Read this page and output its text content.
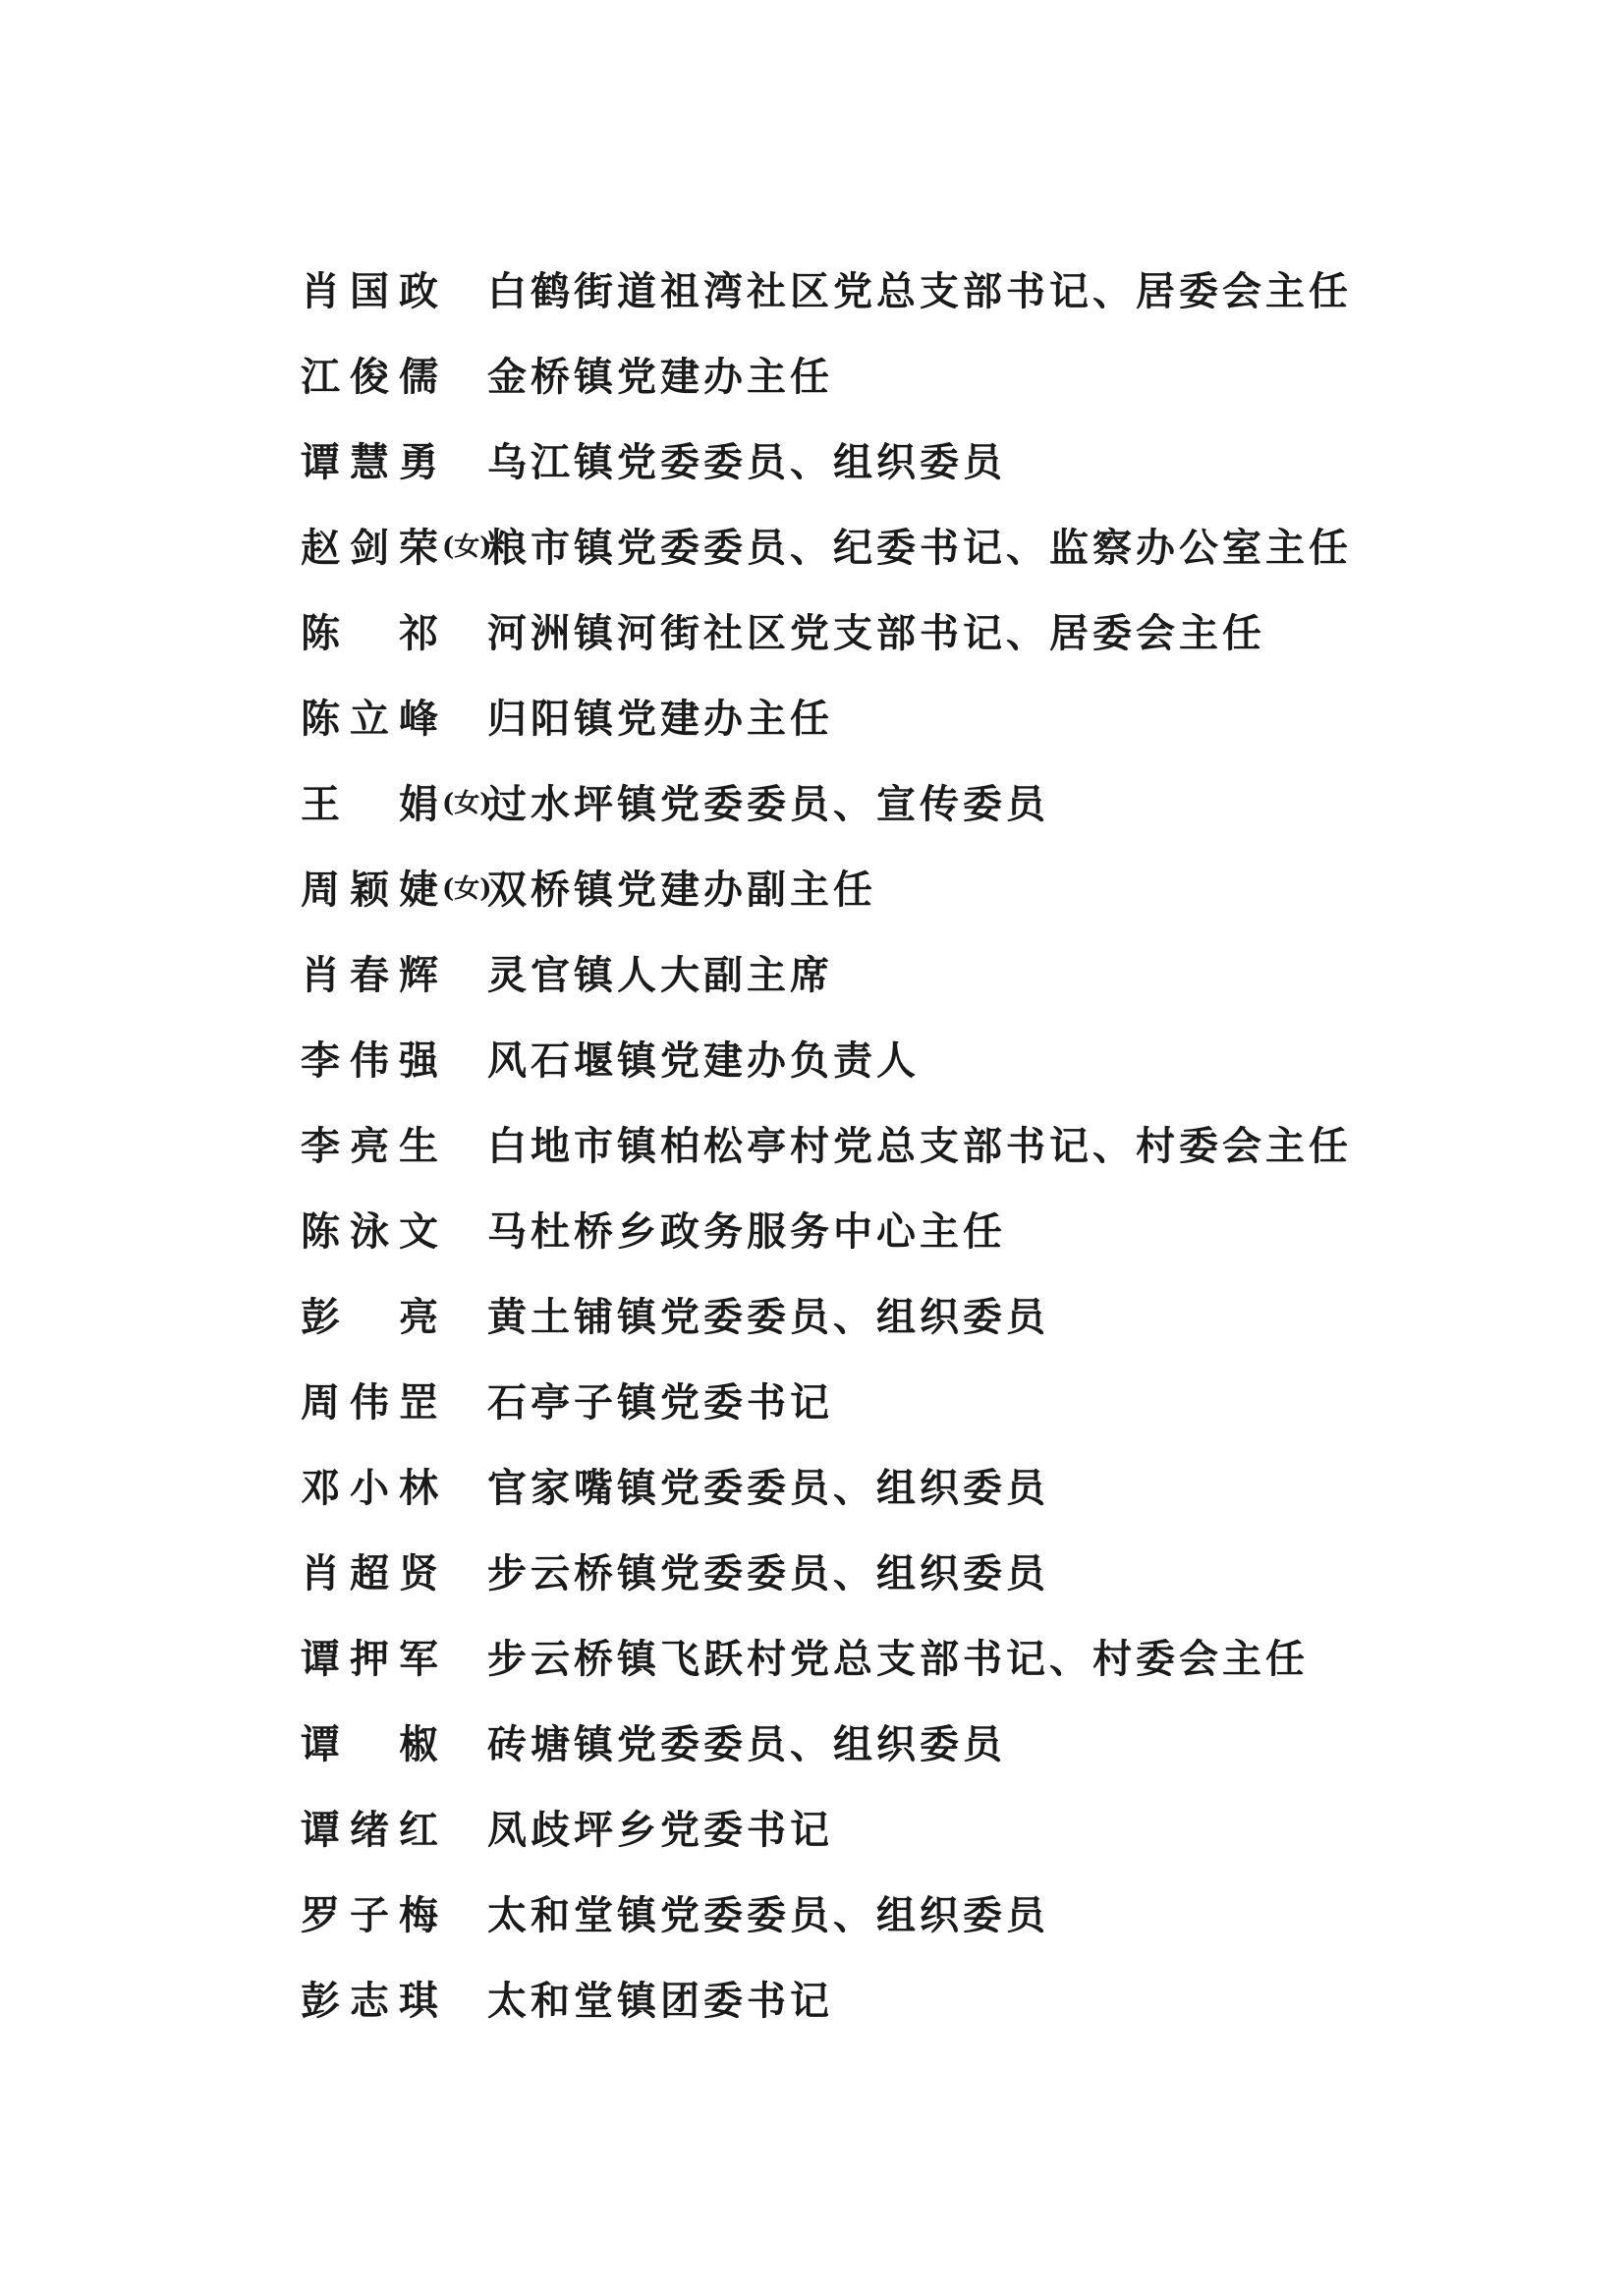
肖国政 白鹤街道祖湾社区党总支部书记、居委会主任
江俊儒 金桥镇党建办主任
谭慧勇 乌江镇党委委员、组织委员
赵剑荣 (女)
粮市镇党委委员、纪委书记、监察办公室主任
陈祁 河洲镇河街社区党支部书记、居委会主任
陈立峰 归阳镇党建办主任
王娟 (女)
过水坪镇党委委员、宣传委员
周颖婕 (女)
双桥镇党建办副主任
肖春辉 灵官镇人大副主席
李伟强 风石堰镇党建办负责人
李亮生 白地市镇柏松亭村党总支部书记、村委会主任
陈泳文 马杜桥乡政务服务中心主任
彭亮 黄土铺镇党委委员、组织委员
周伟罡 石亭子镇党委书记
邓小林 官家嘴镇党委委员、组织委员
肖超贤 步云桥镇党委委员、组织委员
谭押军 步云桥镇飞跃村党总支部书记、村委会主任
谭椒 砖塘镇党委委员、组织委员
谭绪红 凤歧坪乡党委书记
罗子梅 太和堂镇党委委员、组织委员
彭志琪 太和堂镇团委书记
